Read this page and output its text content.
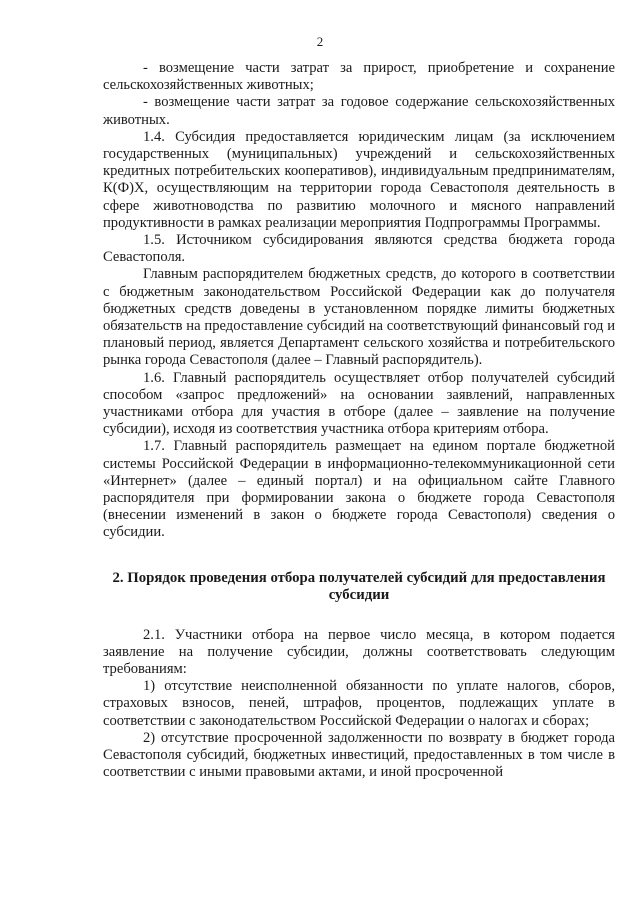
2

- возмещение части затрат за прирост, приобретение и сохранение сельскохозяйственных животных;

- возмещение части затрат за годовое содержание сельскохозяйственных животных.

1.4. Субсидия предоставляется юридическим лицам (за исключением государственных (муниципальных) учреждений и сельскохозяйственных кредитных потребительских кооперативов), индивидуальным предпринимателям, К(Ф)Х, осуществляющим на территории города Севастополя деятельность в сфере животноводства по развитию молочного и мясного направлений продуктивности в рамках реализации мероприятия Подпрограммы Программы.

1.5. Источником субсидирования являются средства бюджета города Севастополя.

Главным распорядителем бюджетных средств, до которого в соответствии с бюджетным законодательством Российской Федерации как до получателя бюджетных средств доведены в установленном порядке лимиты бюджетных обязательств на предоставление субсидий на соответствующий финансовый год и плановый период, является Департамент сельского хозяйства и потребительского рынка города Севастополя (далее – Главный распорядитель).

1.6. Главный распорядитель осуществляет отбор получателей субсидий способом «запрос предложений» на основании заявлений, направленных участниками отбора для участия в отборе (далее – заявление на получение субсидии), исходя из соответствия участника отбора критериям отбора.

1.7. Главный распорядитель размещает на едином портале бюджетной системы Российской Федерации в информационно-телекоммуникационной сети «Интернет» (далее – единый портал) и на официальном сайте Главного распорядителя при формировании закона о бюджете города Севастополя (внесении изменений в закон о бюджете города Севастополя) сведения о субсидии.

2. Порядок проведения отбора получателей субсидий для предоставления субсидии

2.1. Участники отбора на первое число месяца, в котором подается заявление на получение субсидии, должны соответствовать следующим требованиям:

1) отсутствие неисполненной обязанности по уплате налогов, сборов, страховых взносов, пеней, штрафов, процентов, подлежащих уплате в соответствии с законодательством Российской Федерации о налогах и сборах;

2) отсутствие просроченной задолженности по возврату в бюджет города Севастополя субсидий, бюджетных инвестиций, предоставленных в том числе в соответствии с иными правовыми актами, и иной просроченной
